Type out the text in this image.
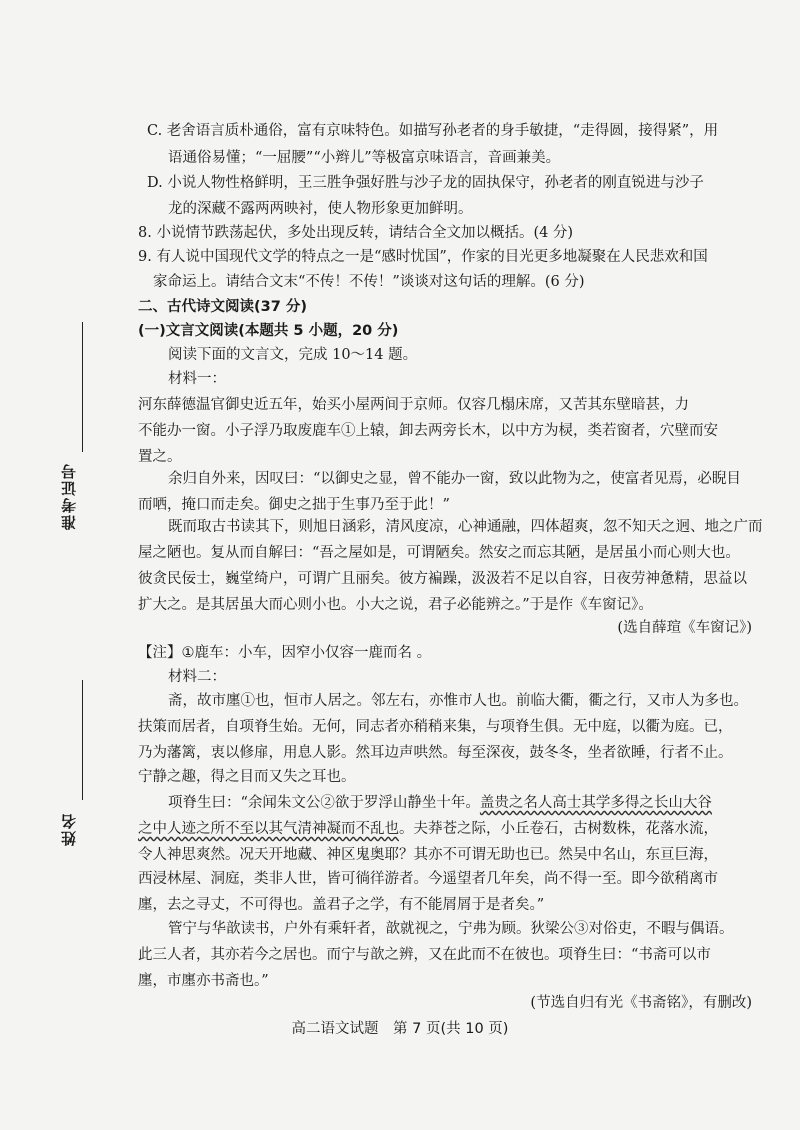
准考证号
姓名
C. 老舍语言质朴通俗，富有京味特色。如描写孙老者的身手敏捷，“走得圆，接得紧”，用
语通俗易懂；“一屈腰”“小辫儿”等极富京味语言，音画兼美。
D. 小说人物性格鲜明，王三胜争强好胜与沙子龙的固执保守，孙老者的刚直锐进与沙子
龙的深藏不露两两映衬，使人物形象更加鲜明。
8. 小说情节跌荡起伏，多处出现反转，请结合全文加以概括。(4 分)
9. 有人说中国现代文学的特点之一是“感时忧国”，作家的目光更多地凝聚在人民悲欢和国
家命运上。请结合文末“不传！不传！”谈谈对这句话的理解。(6 分)
二、古代诗文阅读(37 分)
(一)文言文阅读(本题共 5 小题，20 分)
阅读下面的文言文，完成 10～14 题。
材料一：
河东薛德温官御史近五年，始买小屋两间于京师。仅容几榻床席，又苦其东壁暗甚，力
不能办一窗。小子浮乃取废鹿车①上辕，卸去两旁长木，以中方为棂，类若窗者，穴壁而安
置之。
余归自外来，因叹曰：“以御史之显，曾不能办一窗，致以此物为之，使富者见焉，必睨目
而哂，掩口而走矣。御史之拙于生事乃至于此！”
既而取古书读其下，则旭日涵彩，清风度凉，心神通融，四体超爽，忽不知天之迥、地之广而
屋之陋也。复从而自解曰：“吾之屋如是，可谓陋矣。然安之而忘其陋，是居虽小而心则大也。
彼贪民佞士，巍堂绮户，可谓广且丽矣。彼方褊躁，汲汲若不足以自容，日夜劳神惫精，思益以
扩大之。是其居虽大而心则小也。小大之说，君子必能辨之。”于是作《车窗记》。
(选自薛瑄《车窗记》)
【注】①鹿车：小车，因窄小仅容一鹿而名 。
材料二：
斋，故市廛①也，恒市人居之。邻左右，亦惟市人也。前临大衢，衢之行，又市人为多也。
扶策而居者，自项脊生始。无何，同志者亦稍稍来集，与项脊生俱。无中庭，以衢为庭。已，
乃为藩篱，衷以修扉，用息人影。然耳边声哄然。每至深夜，鼓冬冬，坐者欲睡，行者不止。
宁静之趣，得之目而又失之耳也。
项脊生曰：“余闻朱文公②欲于罗浮山静坐十年。盖贵之名人高士其学多得之长山大谷
之中人迹之所不至以其气清神凝而不乱也。夫莽苍之际，小丘卷石，古树数株，花落水流，
令人神思爽然。况天开地藏、神区鬼奥耶？其亦不可谓无助也已。然吴中名山，东亘巨海，
西浸林屋、洞庭，类非人世，皆可徜徉游者。今遥望者几年矣，尚不得一至。即今欲稍离市
廛，去之寻丈，不可得也。盖君子之学，有不能屑屑于是者矣。”
管宁与华歆读书，户外有乘轩者，歆就视之，宁弗为顾。狄梁公③对俗吏，不暇与偶语。
此三人者，其亦若今之居也。而宁与歆之辨，又在此而不在彼也。项脊生曰：“书斋可以市
廛，市廛亦书斋也。”
(节选自归有光《书斋铭》，有删改)
高二语文试题　第 7 页(共 10 页)
